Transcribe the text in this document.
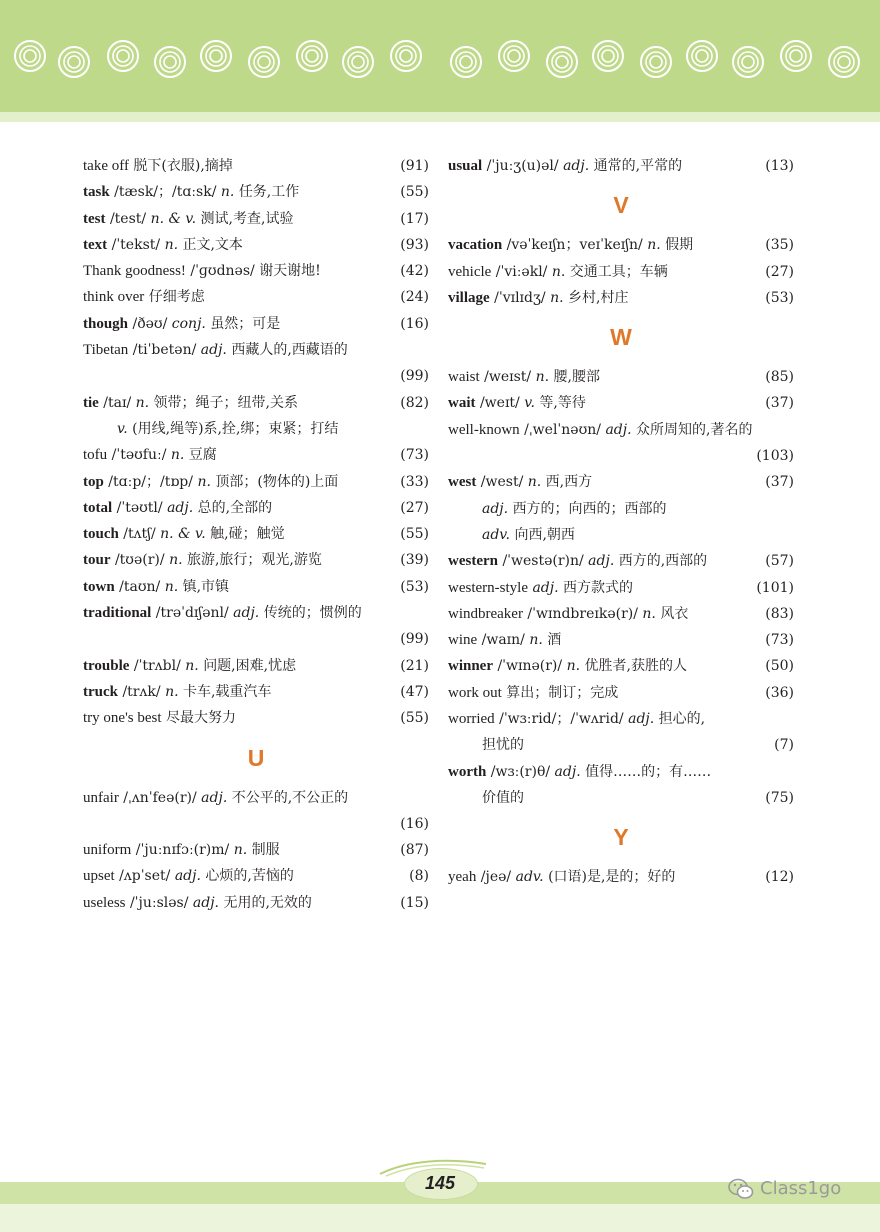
take off 脱下(衣服),摘掉	(91)
task /tæsk/；/tɑːsk/ n. 任务,工作	(55)
test /test/ n. & v. 测试,考查,试验	(17)
text /ˈtekst/ n. 正文,文本	(93)
Thank goodness! /ˈɡʊdnəs/ 谢天谢地!	(42)
think over 仔细考虑	(24)
though /ðəʊ/ conj. 虽然；可是	(16)
Tibetan /tiˈbetən/ adj. 西藏人的,西藏语的
(99)
tie /taɪ/ n. 领带；绳子；纽带,关系	(82)
v. (用线,绳等)系,拴,绑；束紧；打结
tofu /ˈtəʊfuː/ n. 豆腐	(73)
top /tɑːp/；/tɒp/ n. 顶部；(物体的)上面	(33)
total /ˈtəʊtl/ adj. 总的,全部的	(27)
touch /tʌtʃ/ n. & v. 触,碰；触觉	(55)
tour /tʊə(r)/ n. 旅游,旅行；观光,游览	(39)
town /taʊn/ n. 镇,市镇	(53)
traditional /trəˈdɪʃənl/ adj. 传统的；惯例的
(99)
trouble /ˈtrʌbl/ n. 问题,困难,忧虑	(21)
truck /trʌk/ n. 卡车,载重汽车	(47)
try one's best 尽最大努力	(55)
U
unfair /ˌʌnˈfeə(r)/ adj. 不公平的,不公正的
(16)
uniform /ˈjuːnɪfɔː(r)m/ n. 制服	(87)
upset /ʌpˈset/ adj. 心烦的,苦恼的	(8)
useless /ˈjuːsləs/ adj. 无用的,无效的	(15)
usual /ˈjuːʒ(u)əl/ adj. 通常的,平常的	(13)
V
vacation /vəˈkeɪʃn；veɪˈkeɪʃn/ n. 假期	(35)
vehicle /ˈviːəkl/ n. 交通工具；车辆	(27)
village /ˈvɪlɪdʒ/ n. 乡村,村庄	(53)
W
waist /weɪst/ n. 腰,腰部	(85)
wait /weɪt/ v. 等,等待	(37)
well-known /ˌwelˈnəʊn/ adj. 众所周知的,著名的
(103)
west /west/ n. 西,西方	(37)
adj. 西方的；向西的；西部的
adv. 向西,朝西
western /ˈwestə(r)n/ adj. 西方的,西部的	(57)
western-style adj. 西方款式的	(101)
windbreaker /ˈwɪndbreɪkə(r)/ n. 风衣	(83)
wine /waɪn/ n. 酒	(73)
winner /ˈwɪnə(r)/ n. 优胜者,获胜的人	(50)
work out 算出；制订；完成	(36)
worried /ˈwɜːrid/；/ˈwʌrid/ adj. 担心的,
担忧的	(7)
worth /wɜː(r)θ/ adj. 值得……的；有……
价值的	(75)
Y
yeah /jeə/ adv. (口语)是,是的；好的	(12)
145	Class1go
